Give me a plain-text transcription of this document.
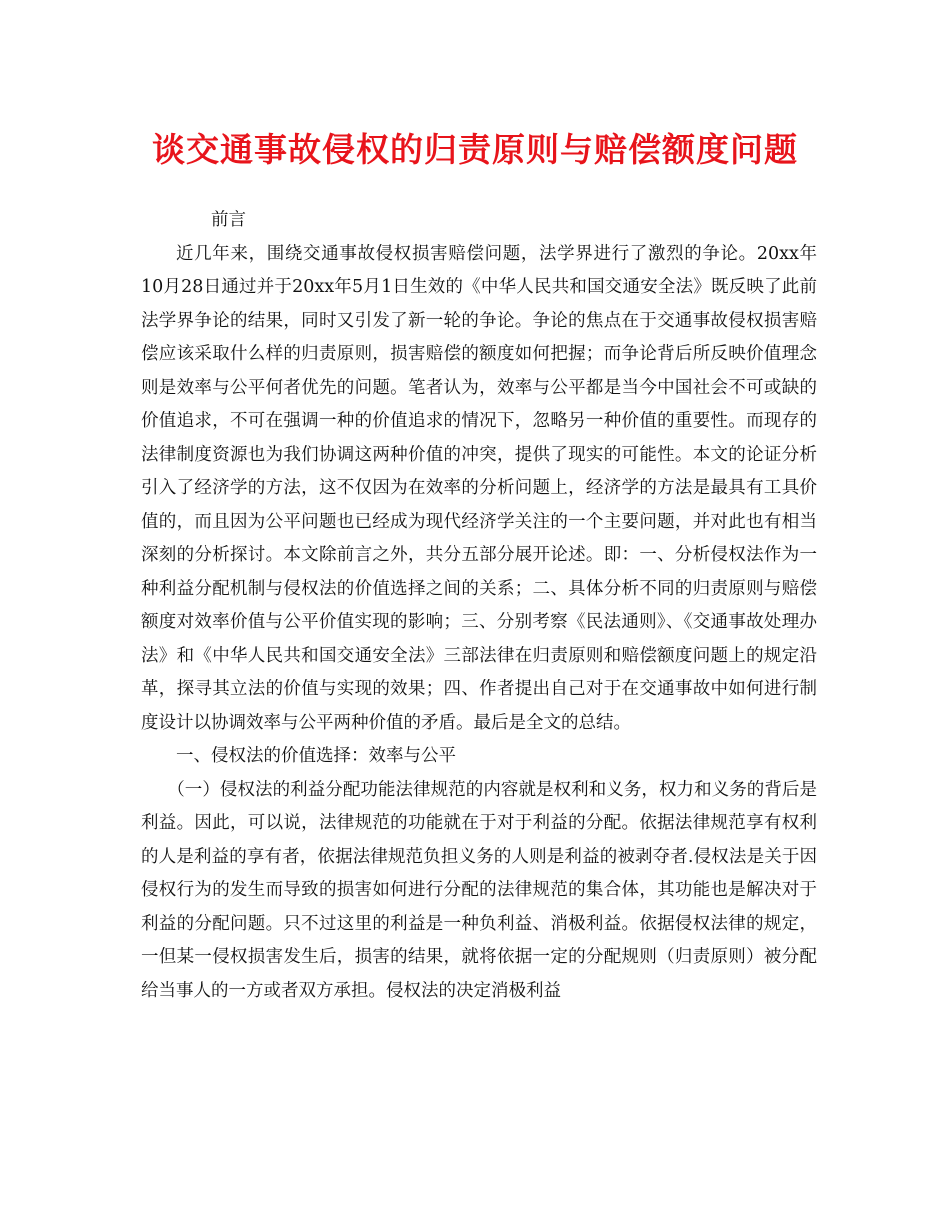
谈交通事故侵权的归责原则与赔偿额度问题

前言

近几年来，围绕交通事故侵权损害赔偿问题，法学界进行了激烈的争论。20xx年10月28日通过并于20xx年5月1日生效的《中华人民共和国交通安全法》既反映了此前法学界争论的结果，同时又引发了新一轮的争论。争论的焦点在于交通事故侵权损害赔偿应该采取什么样的归责原则，损害赔偿的额度如何把握；而争论背后所反映价值理念则是效率与公平何者优先的问题。笔者认为，效率与公平都是当今中国社会不可或缺的价值追求，不可在强调一种的价值追求的情况下，忽略另一种价值的重要性。而现存的法律制度资源也为我们协调这两种价值的冲突，提供了现实的可能性。本文的论证分析引入了经济学的方法，这不仅因为在效率的分析问题上，经济学的方法是最具有工具价值的，而且因为公平问题也已经成为现代经济学关注的一个主要问题，并对此也有相当深刻的分析探讨。本文除前言之外，共分五部分展开论述。即：一、分析侵权法作为一种利益分配机制与侵权法的价值选择之间的关系；二、具体分析不同的归责原则与赔偿额度对效率价值与公平价值实现的影响；三、分别考察《民法通则》、《交通事故处理办法》和《中华人民共和国交通安全法》三部法律在归责原则和赔偿额度问题上的规定沿革，探寻其立法的价值与实现的效果；四、作者提出自己对于在交通事故中如何进行制度设计以协调效率与公平两种价值的矛盾。最后是全文的总结。

一、侵权法的价值选择：效率与公平

（一）侵权法的利益分配功能法律规范的内容就是权利和义务，权力和义务的背后是利益。因此，可以说，法律规范的功能就在于对于利益的分配。依据法律规范享有权利的人是利益的享有者，依据法律规范负担义务的人则是利益的被剥夺者.侵权法是关于因侵权行为的发生而导致的损害如何进行分配的法律规范的集合体，其功能也是解决对于利益的分配问题。只不过这里的利益是一种负利益、消极利益。依据侵权法律的规定，一但某一侵权损害发生后，损害的结果，就将依据一定的分配规则（归责原则）被分配给当事人的一方或者双方承担。侵权法的决定消极利益
